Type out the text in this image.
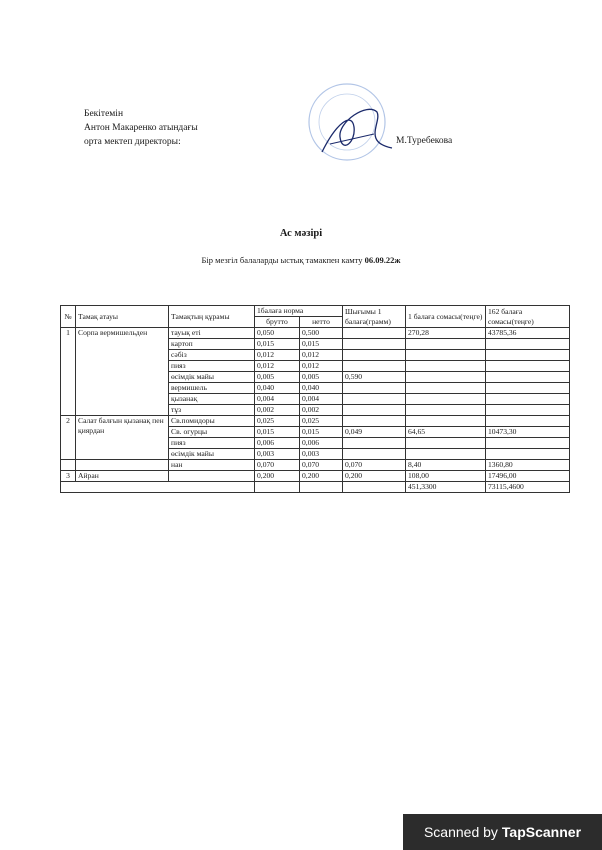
Бекітемін
Антон Макаренко атындағы
орта мектеп директоры:	М.Туребекова
Ас мәзірі
Бір мезгіл балаларды ыстық тамакпен камту 06.09.22ж
№	Тамақ атауы	Тамақтың құрамы	1балаға норма		Шығымы 1 балаға(грамм)	1 балаға сомасы(теңге)	162 балаға сомасы(теңге)
			брутто	нетто			
1	Сорпа вермишельден	тауық еті	0,050	0,500		270,28	43785,36
		картоп	0,015	0,015			
		сәбіз	0,012	0,012			
		пияз	0,012	0,012			
		өсімдік майы	0,005	0,005	0,590		
		вермишель	0,040	0,040			
		қызанақ	0,004	0,004			
		тұз	0,002	0,002			
2	Салат балғын қызанақ пен қиярдан	Св.помидоры	0,025	0,025			
		Св. огурцы	0,015	0,015	0,049	64,65	10473,30
		пияз	0,006	0,006			
		өсімдік майы	0,003	0,003			
		нан	0,070	0,070	0,070	8,40	1360,80
3	Айран		0,200	0,200	0,200	108,00	17496,00
						451,3300	73115,4600
Scanned by TapScanner
